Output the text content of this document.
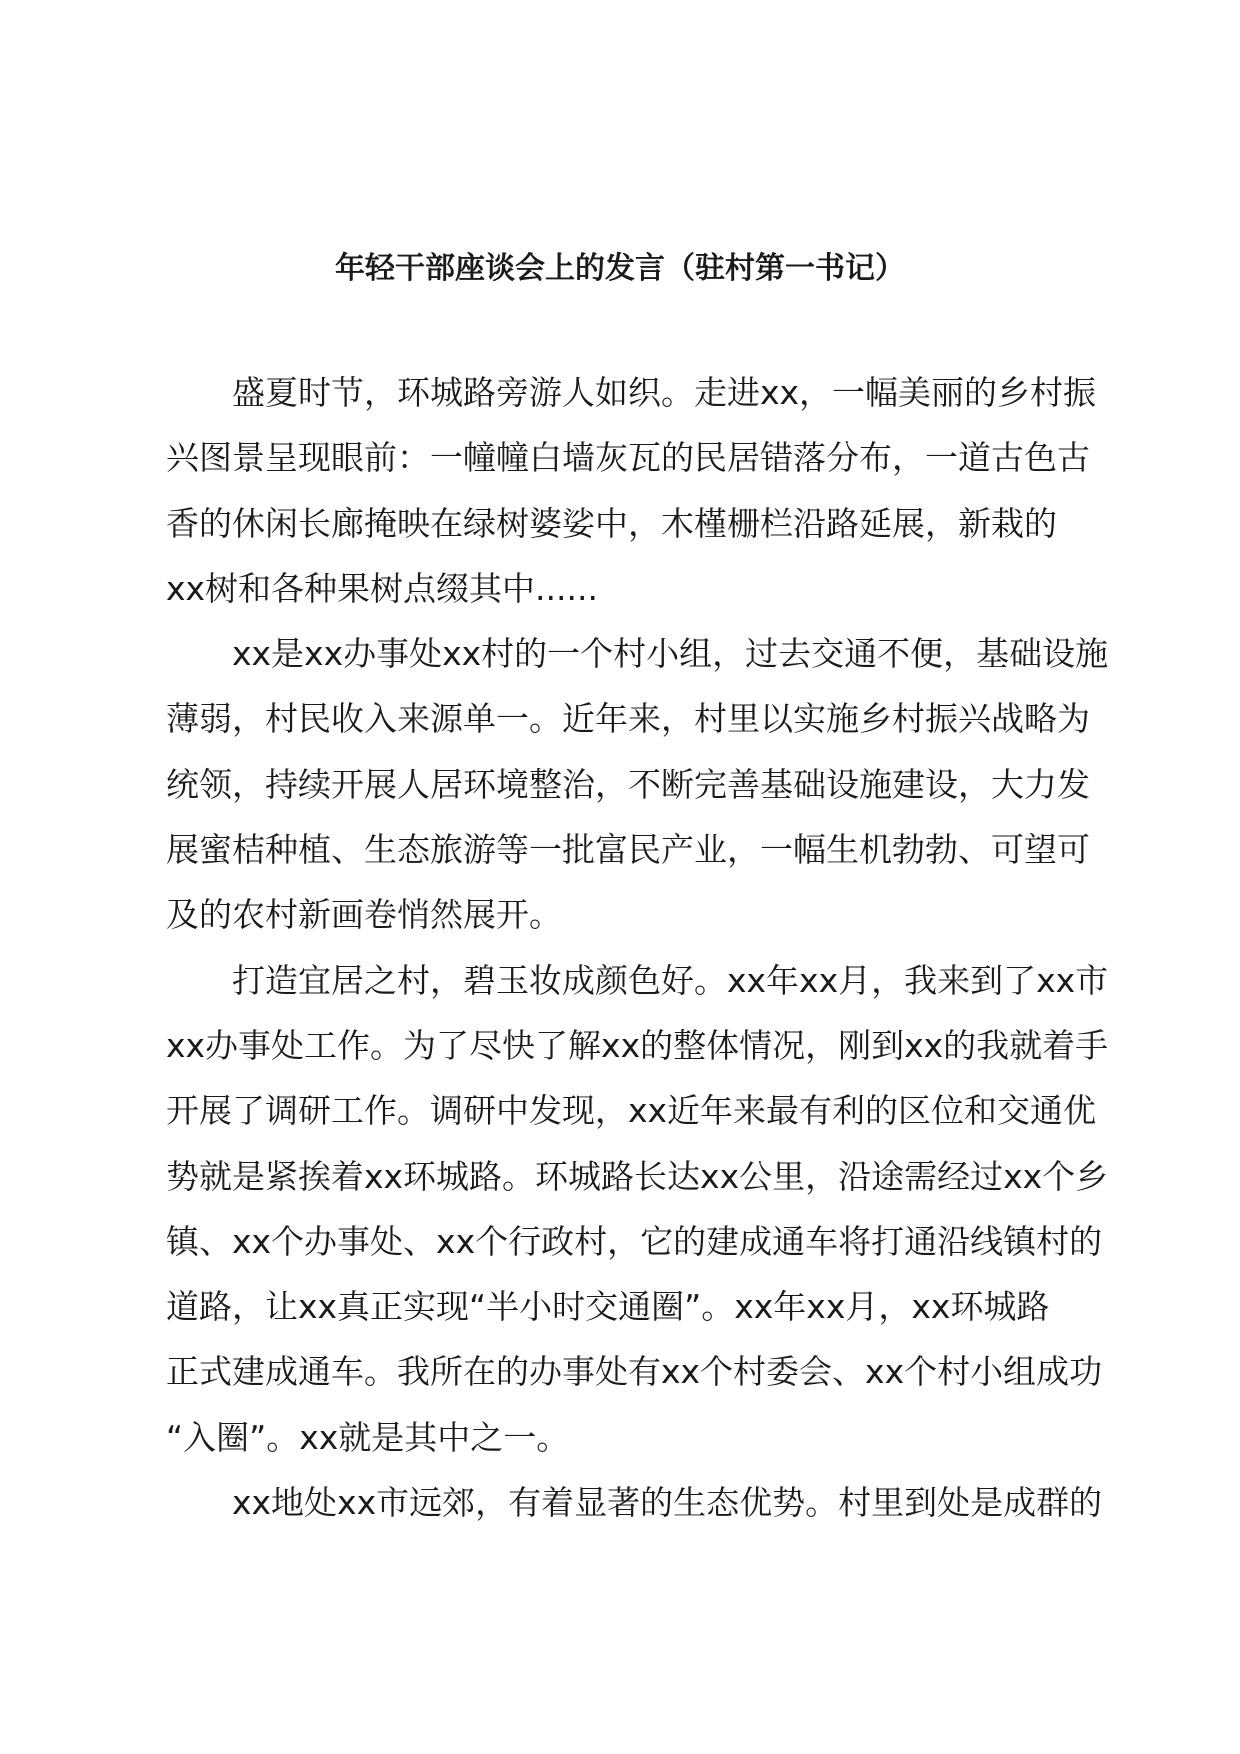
年轻干部座谈会上的发言（驻村第一书记）

　　盛夏时节，环城路旁游人如织。走进xx，一幅美丽的乡村振
兴图景呈现眼前：一幢幢白墙灰瓦的民居错落分布，一道古色古
香的休闲长廊掩映在绿树婆娑中，木槿栅栏沿路延展，新栽的
xx树和各种果树点缀其中......

　　xx是xx办事处xx村的一个村小组，过去交通不便，基础设施
薄弱，村民收入来源单一。近年来，村里以实施乡村振兴战略为
统领，持续开展人居环境整治，不断完善基础设施建设，大力发
展蜜桔种植、生态旅游等一批富民产业，一幅生机勃勃、可望可
及的农村新画卷悄然展开。

　　打造宜居之村，碧玉妆成颜色好。xx年xx月，我来到了xx市
xx办事处工作。为了尽快了解xx的整体情况，刚到xx的我就着手
开展了调研工作。调研中发现，xx近年来最有利的区位和交通优
势就是紧挨着xx环城路。环城路长达xx公里，沿途需经过xx个乡
镇、xx个办事处、xx个行政村，它的建成通车将打通沿线镇村的
道路，让xx真正实现“半小时交通圈”。xx年xx月，xx环城路
正式建成通车。我所在的办事处有xx个村委会、xx个村小组成功
“入圈”。xx就是其中之一。

　　xx地处xx市远郊，有着显著的生态优势。村里到处是成群的
